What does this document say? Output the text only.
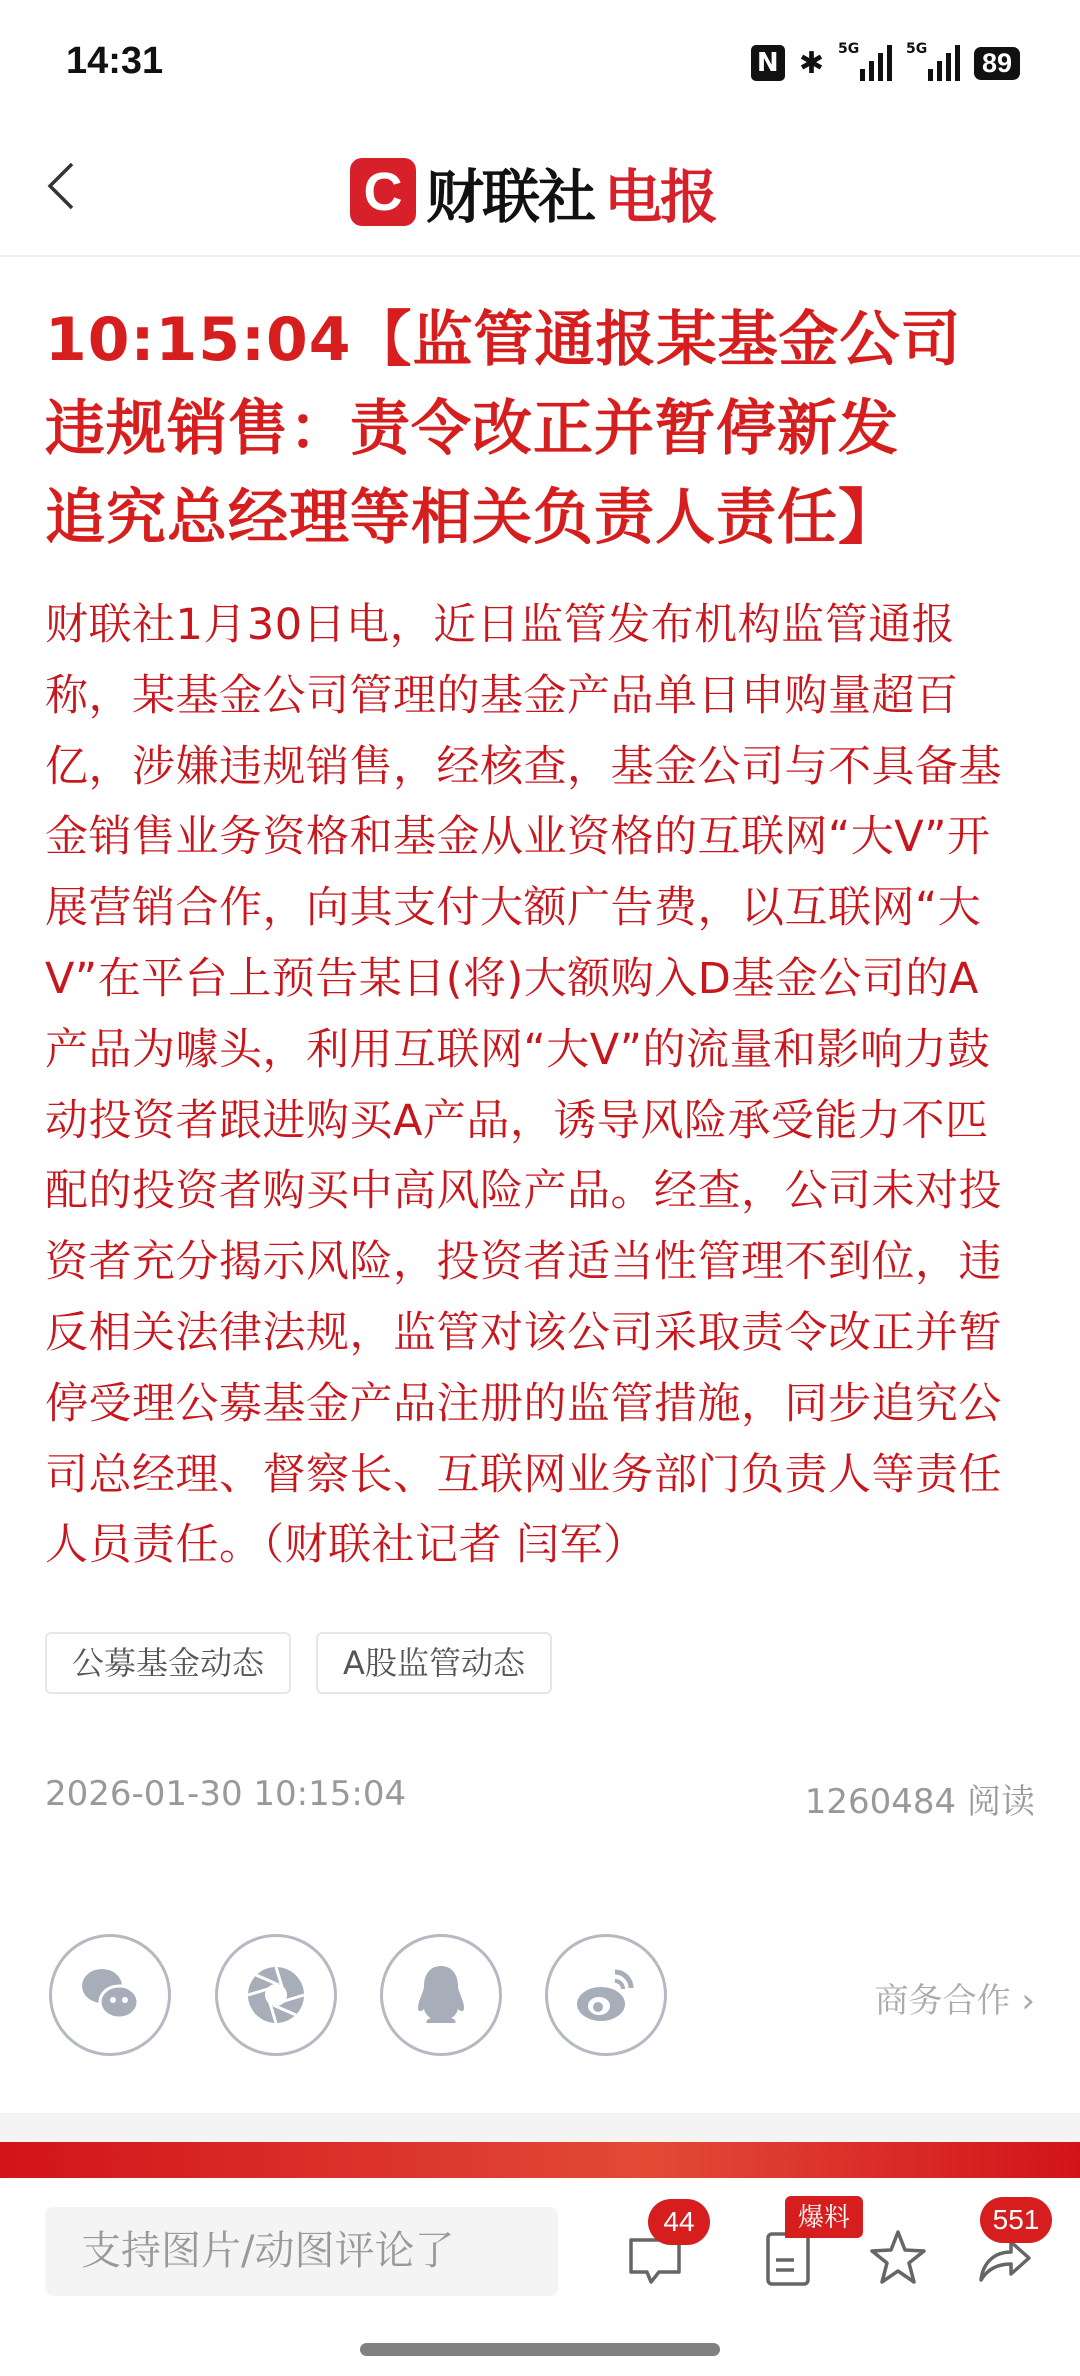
14:31	N ✱ 5G	5G 89
C 财联社 电报
10:15:04【监管通报某基金公司
违规销售：责令改正并暂停新发
追究总经理等相关负责人责任】
财联社1月30日电，近日监管发布机构监管通报
称，某基金公司管理的基金产品单日申购量超百
亿，涉嫌违规销售，经核查，基金公司与不具备基
金销售业务资格和基金从业资格的互联网“大V”开
展营销合作，向其支付大额广告费，以互联网“大
V”在平台上预告某日(将)大额购入D基金公司的A
产品为噱头，利用互联网“大V”的流量和影响力鼓
动投资者跟进购买A产品，诱导风险承受能力不匹
配的投资者购买中高风险产品。经查，公司未对投
资者充分揭示风险，投资者适当性管理不到位，违
反相关法律法规，监管对该公司采取责令改正并暂
停受理公募基金产品注册的监管措施，同步追究公
司总经理、督察长、互联网业务部门负责人等责任
人员责任。（财联社记者 闫军）
公募基金动态	A股监管动态
2026-01-30 10:15:04	1260484 阅读
商务合作 ›
支持图片/动图评论了
44	爆料	551
